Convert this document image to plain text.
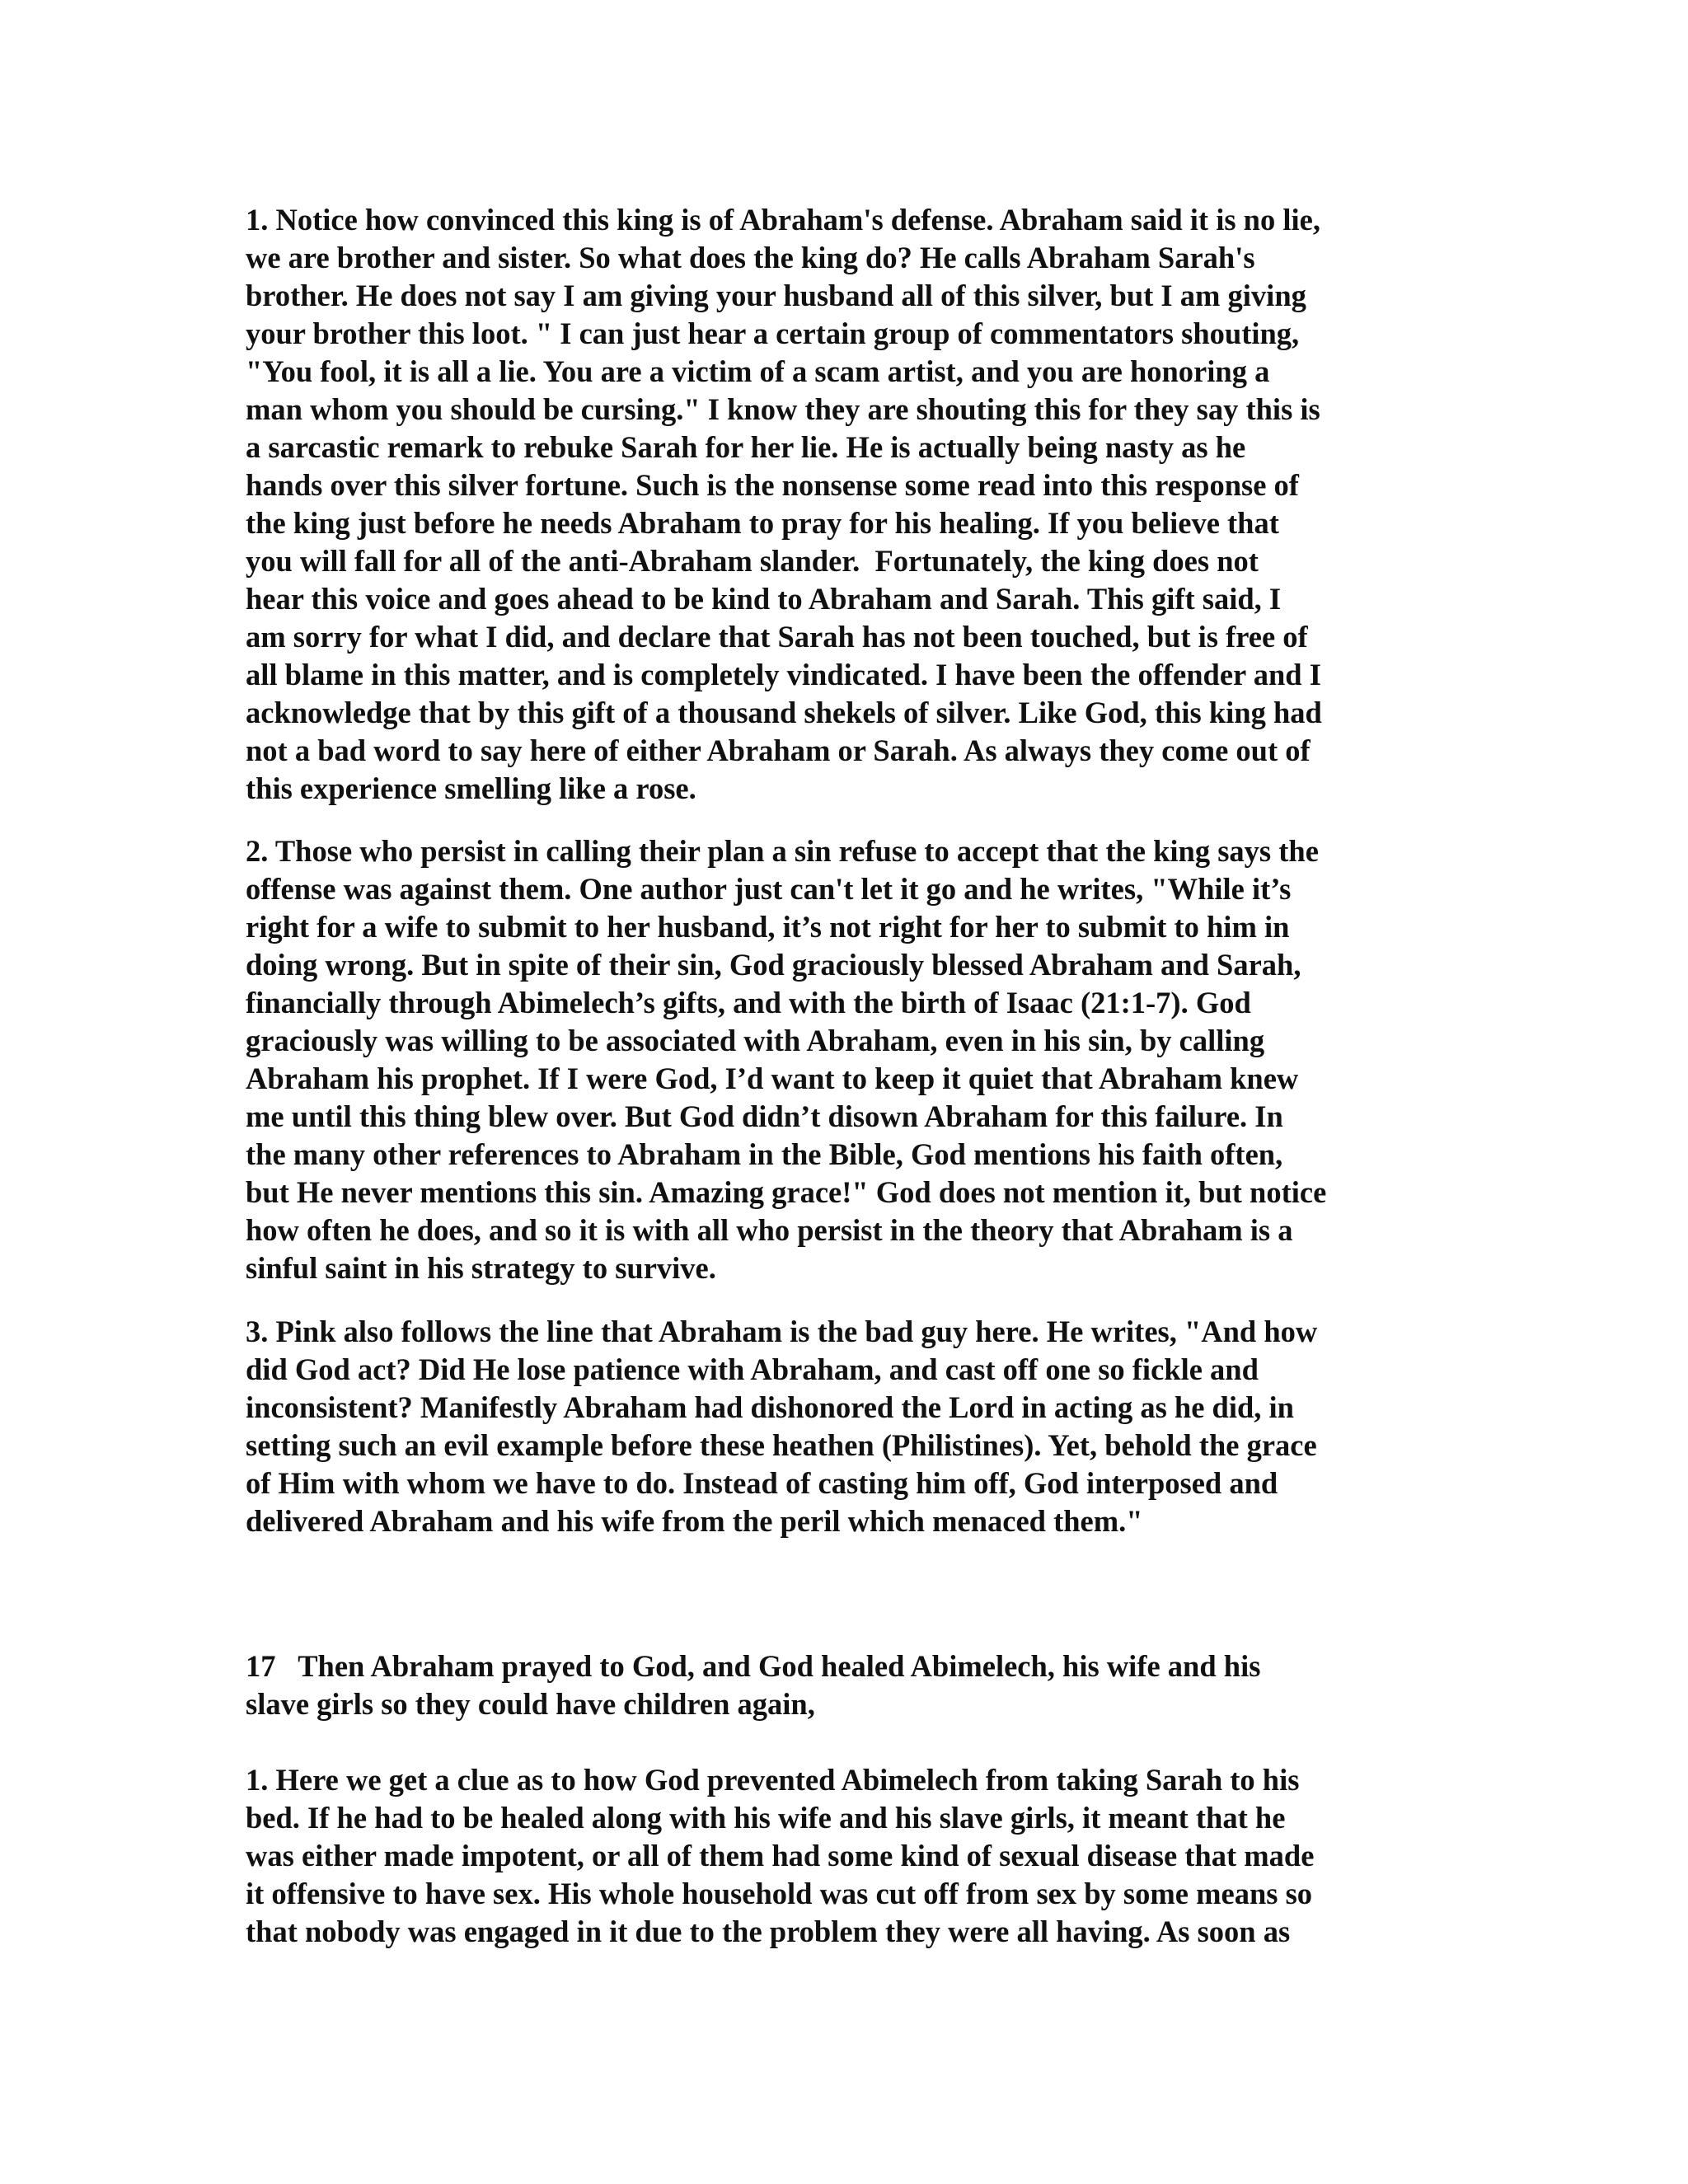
1. Notice how convinced this king is of Abraham's defense. Abraham said it is no lie,
we are brother and sister. So what does the king do? He calls Abraham Sarah's
brother. He does not say I am giving your husband all of this silver, but I am giving
your brother this loot. " I can just hear a certain group of commentators shouting,
"You fool, it is all a lie. You are a victim of a scam artist, and you are honoring a
man whom you should be cursing." I know they are shouting this for they say this is
a sarcastic remark to rebuke Sarah for her lie. He is actually being nasty as he
hands over this silver fortune. Such is the nonsense some read into this response of
the king just before he needs Abraham to pray for his healing. If you believe that
you will fall for all of the anti-Abraham slander.  Fortunately, the king does not
hear this voice and goes ahead to be kind to Abraham and Sarah. This gift said, I
am sorry for what I did, and declare that Sarah has not been touched, but is free of
all blame in this matter, and is completely vindicated. I have been the offender and I
acknowledge that by this gift of a thousand shekels of silver. Like God, this king had
not a bad word to say here of either Abraham or Sarah. As always they come out of
this experience smelling like a rose.
2. Those who persist in calling their plan a sin refuse to accept that the king says the
offense was against them. One author just can't let it go and he writes, "While it’s
right for a wife to submit to her husband, it’s not right for her to submit to him in
doing wrong. But in spite of their sin, God graciously blessed Abraham and Sarah,
financially through Abimelech’s gifts, and with the birth of Isaac (21:1-7). God
graciously was willing to be associated with Abraham, even in his sin, by calling
Abraham his prophet. If I were God, I’d want to keep it quiet that Abraham knew
me until this thing blew over. But God didn’t disown Abraham for this failure. In
the many other references to Abraham in the Bible, God mentions his faith often,
but He never mentions this sin. Amazing grace!" God does not mention it, but notice
how often he does, and so it is with all who persist in the theory that Abraham is a
sinful saint in his strategy to survive.
3. Pink also follows the line that Abraham is the bad guy here. He writes, "And how
did God act? Did He lose patience with Abraham, and cast off one so fickle and
inconsistent? Manifestly Abraham had dishonored the Lord in acting as he did, in
setting such an evil example before these heathen (Philistines). Yet, behold the grace
of Him with whom we have to do. Instead of casting him off, God interposed and
delivered Abraham and his wife from the peril which menaced them."
17   Then Abraham prayed to God, and God healed Abimelech, his wife and his
slave girls so they could have children again,
1. Here we get a clue as to how God prevented Abimelech from taking Sarah to his
bed. If he had to be healed along with his wife and his slave girls, it meant that he
was either made impotent, or all of them had some kind of sexual disease that made
it offensive to have sex. His whole household was cut off from sex by some means so
that nobody was engaged in it due to the problem they were all having. As soon as
